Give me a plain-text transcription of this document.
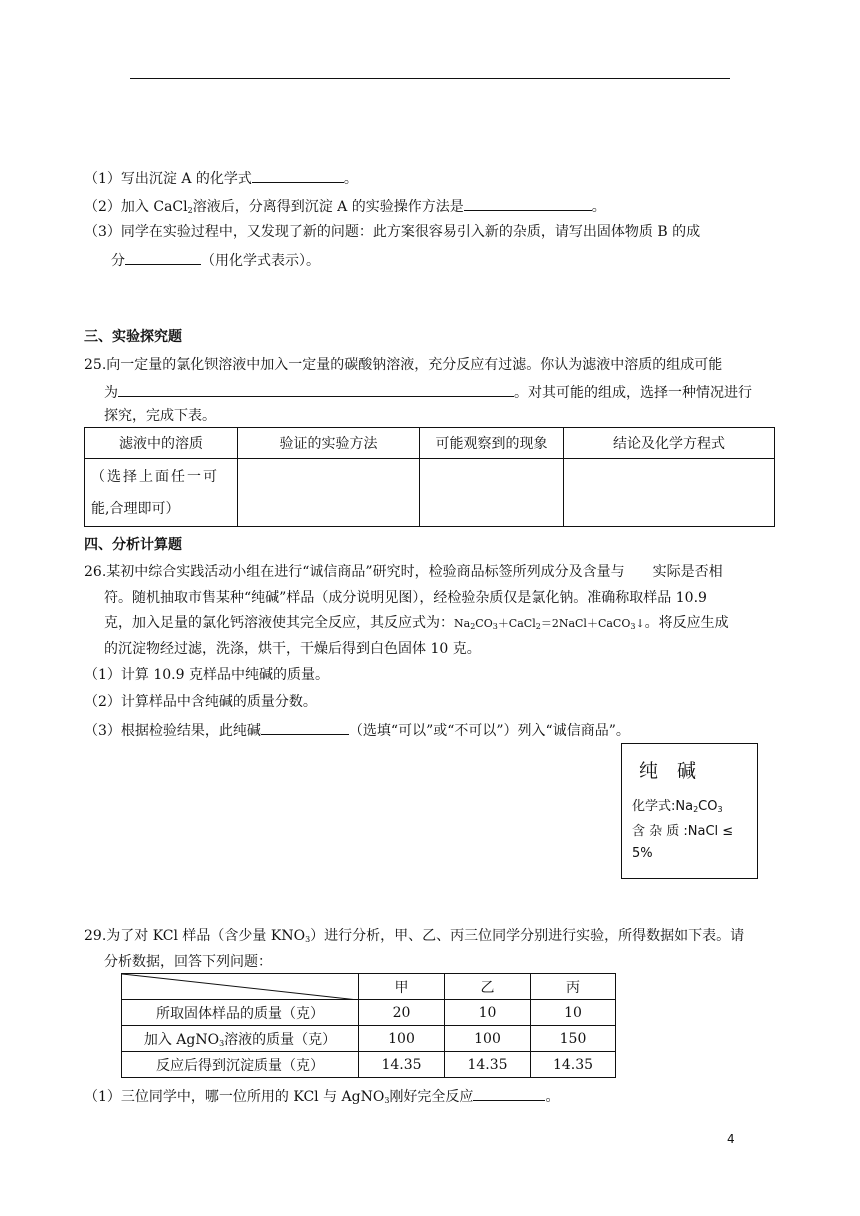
（1）写出沉淀 A 的化学式	。
（2）加入 CaCl$_2$溶液后，分离得到沉淀 A 的实验操作方法是	。
（3）同学在实验过程中，又发现了新的问题：此方案很容易引入新的杂质，请写出固体物质 B 的成
分	（用化学式表示）。
三、实验探究题
25.向一定量的氯化钡溶液中加入一定量的碳酸钠溶液，充分反应有过滤。你认为滤液中溶质的组成可能
为	。对其可能的组成，选择一种情况进行
探究，完成下表。
滤液中的溶质	验证的实验方法	可能观察到的现象	结论及化学方程式

（选择上面任一可
能,合理即可）			

四、分析计算题
26.某初中综合实践活动小组在进行“诚信商品”研究时，检验商品标签所列成分及含量与　　实际是否相
符。随机抽取市售某种“纯碱”样品（成分说明见图），经检验杂质仅是氯化钠。准确称取样品 10.9
克，加入足量的氯化钙溶液使其完全反应，其反应式为：$Na_2CO_3+CaCl_2=2NaCl+CaCO_3↓$。将反应生成
的沉淀物经过滤，洗涤，烘干，干燥后得到白色固体 10 克。
（1）计算 10.9 克样品中纯碱的质量。
（2）计算样品中含纯碱的质量分数。
（3）根据检验结果，此纯碱	（选填“可以”或“不可以”）列入“诚信商品”。
纯　碱
化学式$:Na_2CO_3$
含 杂 质 :NaCl ≤
5%
29.为了对 KCl 样品（含少量 $KNO_3$）进行分析，甲、乙、丙三位同学分别进行实验，所得数据如下表。请
分析数据，回答下列问题：
	甲	乙	丙
所取固体样品的质量（克）	20	10	10
加入 AgNO$_3$溶液的质量（克）	100	100	150
反应后得到沉淀质量（克）	14.35	14.35	14.35
（1）三位同学中，哪一位所用的 KCl 与 AgNO$_3$刚好完全反应	。
4
